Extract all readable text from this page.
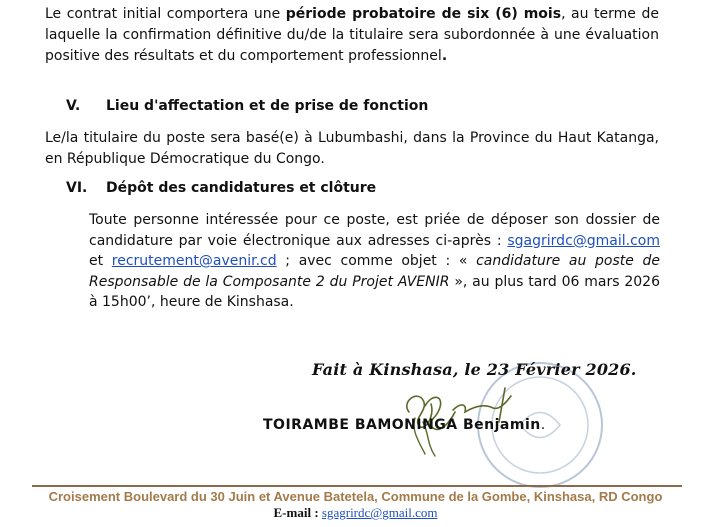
Le contrat initial comportera une période probatoire de six (6) mois, au terme de laquelle la confirmation définitive du/de la titulaire sera subordonnée à une évaluation positive des résultats et du comportement professionnel.
V. Lieu d'affectation et de prise de fonction
Le/la titulaire du poste sera basé(e) à Lubumbashi, dans la Province du Haut Katanga, en République Démocratique du Congo.
VI. Dépôt des candidatures et clôture
Toute personne intéressée pour ce poste, est priée de déposer son dossier de candidature par voie électronique aux adresses ci-après : sgagrirdc@gmail.com et recrutement@avenir.cd ; avec comme objet : « candidature au poste de Responsable de la Composante 2 du Projet AVENIR », au plus tard 06 mars 2026 à 15h00’, heure de Kinshasa.
Fait à Kinshasa, le 23 Février 2026.
TOIRAMBE BAMONINGA Benjamin.
Croisement Boulevard du 30 Juin et Avenue Batetela, Commune de la Gombe, Kinshasa, RD Congo
E-mail : sgagrirdc@gmail.com
